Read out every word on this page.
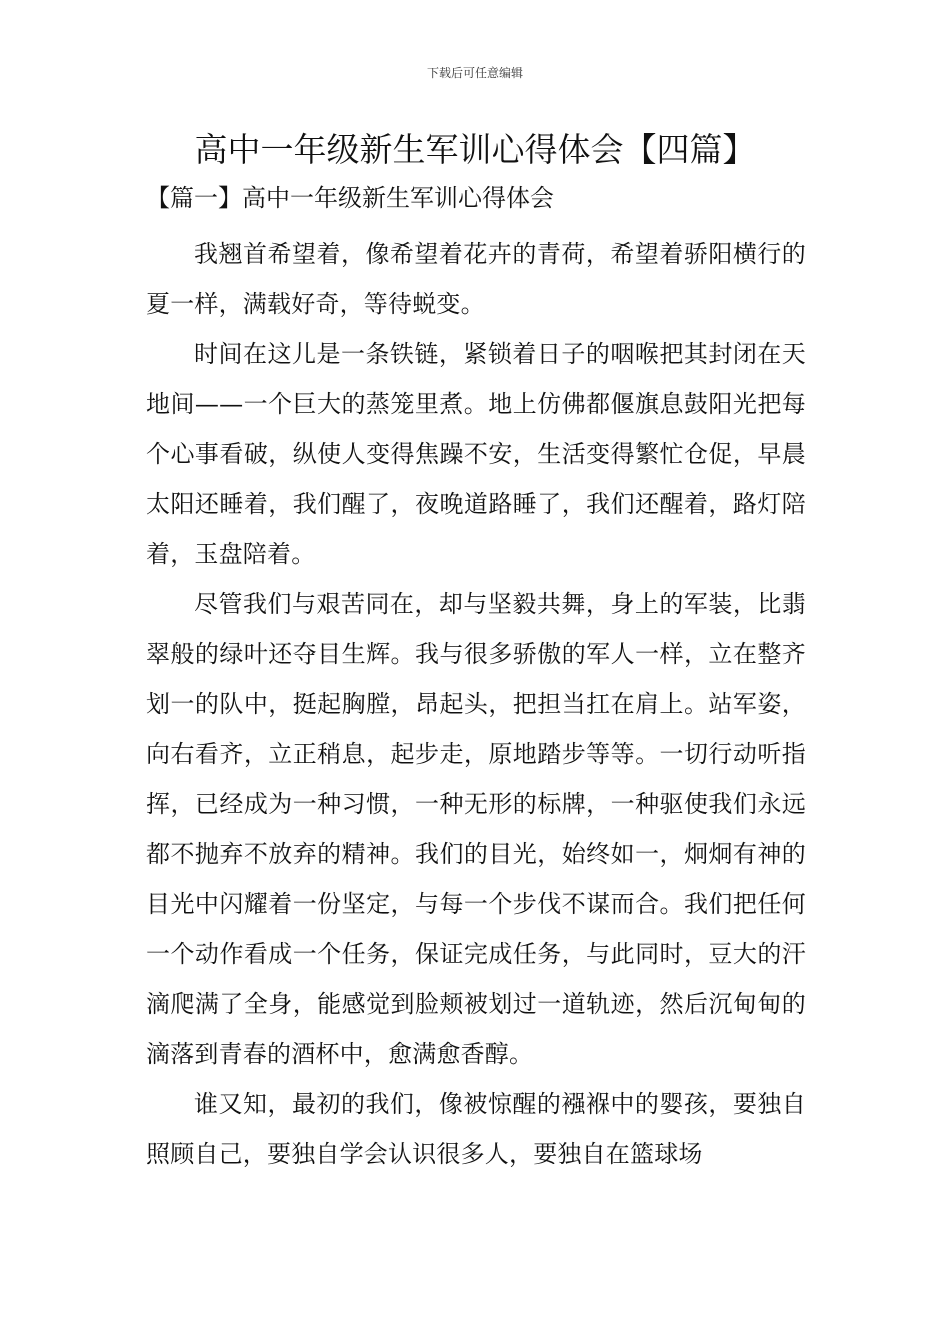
下载后可任意编辑
高中一年级新生军训心得体会【四篇】
【篇一】高中一年级新生军训心得体会

我翘首希望着，像希望着花卉的青荷，希望着骄阳横行的夏一样，满载好奇，等待蜕变。

时间在这儿是一条铁链，紧锁着日子的咽喉把其封闭在天地间——一个巨大的蒸笼里煮。地上仿佛都偃旗息鼓阳光把每个心事看破，纵使人变得焦躁不安，生活变得繁忙仓促，早晨太阳还睡着，我们醒了，夜晚道路睡了，我们还醒着，路灯陪着，玉盘陪着。

尽管我们与艰苦同在，却与坚毅共舞，身上的军装，比翡翠般的绿叶还夺目生辉。我与很多骄傲的军人一样，立在整齐划一的队中，挺起胸膛，昂起头，把担当扛在肩上。站军姿，向右看齐，立正稍息，起步走，原地踏步等等。一切行动听指挥，已经成为一种习惯，一种无形的标牌，一种驱使我们永远都不抛弃不放弃的精神。我们的目光，始终如一，炯炯有神的目光中闪耀着一份坚定，与每一个步伐不谋而合。我们把任何一个动作看成一个任务，保证完成任务，与此同时，豆大的汗滴爬满了全身，能感觉到脸颊被划过一道轨迹，然后沉甸甸的滴落到青春的酒杯中，愈满愈香醇。

谁又知，最初的我们，像被惊醒的襁褓中的婴孩，要独自照顾自己，要独自学会认识很多人，要独自在篮球场
